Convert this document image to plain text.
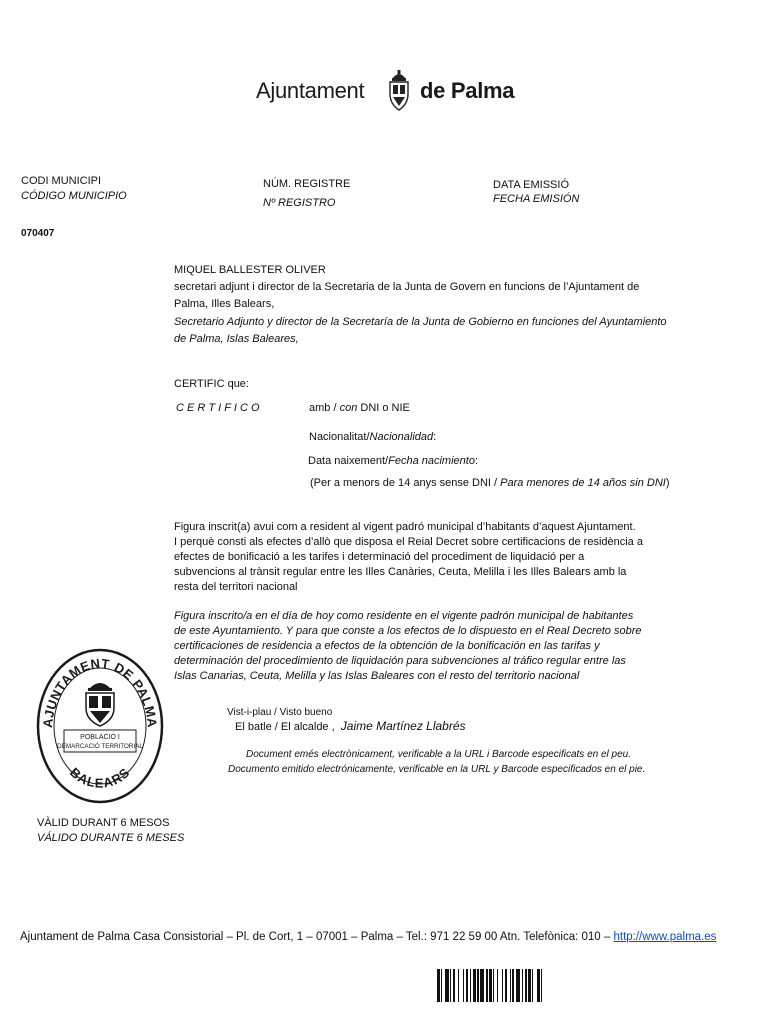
Ajuntament	de Palma
CODI MUNICIPI
CÓDIGO MUNICIPIO
070407
NÚM. REGISTRE
Nº REGISTRO
DATA EMISSIÓ
FECHA EMISIÓN
MIQUEL BALLESTER OLIVER
secretari adjunt i director de la Secretaria de la Junta de Govern en funcions de l’Ajuntament de
Palma, Illes Balears,
Secretario Adjunto y director de la Secretaría de la Junta de Gobierno en funciones del Ayuntamiento
de Palma, Islas Baleares,
CERTIFIC que:
C E R T I F I C O	amb / con DNI o NIE
Nacionalitat/Nacionalidad:
Data naixement/Fecha nacimiento:
(Per a menors de 14 anys sense DNI / Para menores de 14 años sin DNI)
Figura inscrit(a) avui com a resident al vigent padró municipal d’habitants d’aquest Ajuntament.
I perquè consti als efectes d’allò que disposa el Reial Decret sobre certificacions de residència a
efectes de bonificació a les tarifes i determinació del procediment de liquidació per a
subvencions al trànsit regular entre les Illes Canàries, Ceuta, Melilla i les Illes Balears amb la
resta del territori nacional
Figura inscrito/a en el día de hoy como residente en el vigente padrón municipal de habitantes
de este Ayuntamiento. Y para que conste a los efectos de lo dispuesto en el Real Decreto sobre
certificaciones de residencia a efectos de la obtención de la bonificación en las tarifas y
determinación del procedimiento de liquidación para subvenciones al tráfico regular entre las
Islas Canarias, Ceuta, Melilla y las Islas Baleares con el resto del territorio nacional
AJUNTAMENT DE PALMA
BALEARS
POBLACIÓ I
DEMARCACIÓ TERRITORIAL
Vist-i-plau / Visto bueno
El batle / El alcalde , Jaime Martínez Llabrés
Document emés electrònicament, verificable a la URL i Barcode especificats en el peu.
Documento emitido electrónicamente, verificable en la URL y Barcode especificados en el pie.
VÀLID DURANT 6 MESOS
VÁLIDO DURANTE 6 MESES
Ajuntament de Palma Casa Consistorial – Pl. de Cort, 1 – 07001 – Palma – Tel.: 971 22 59 00 Atn. Telefònica: 010 – http://www.palma.es
